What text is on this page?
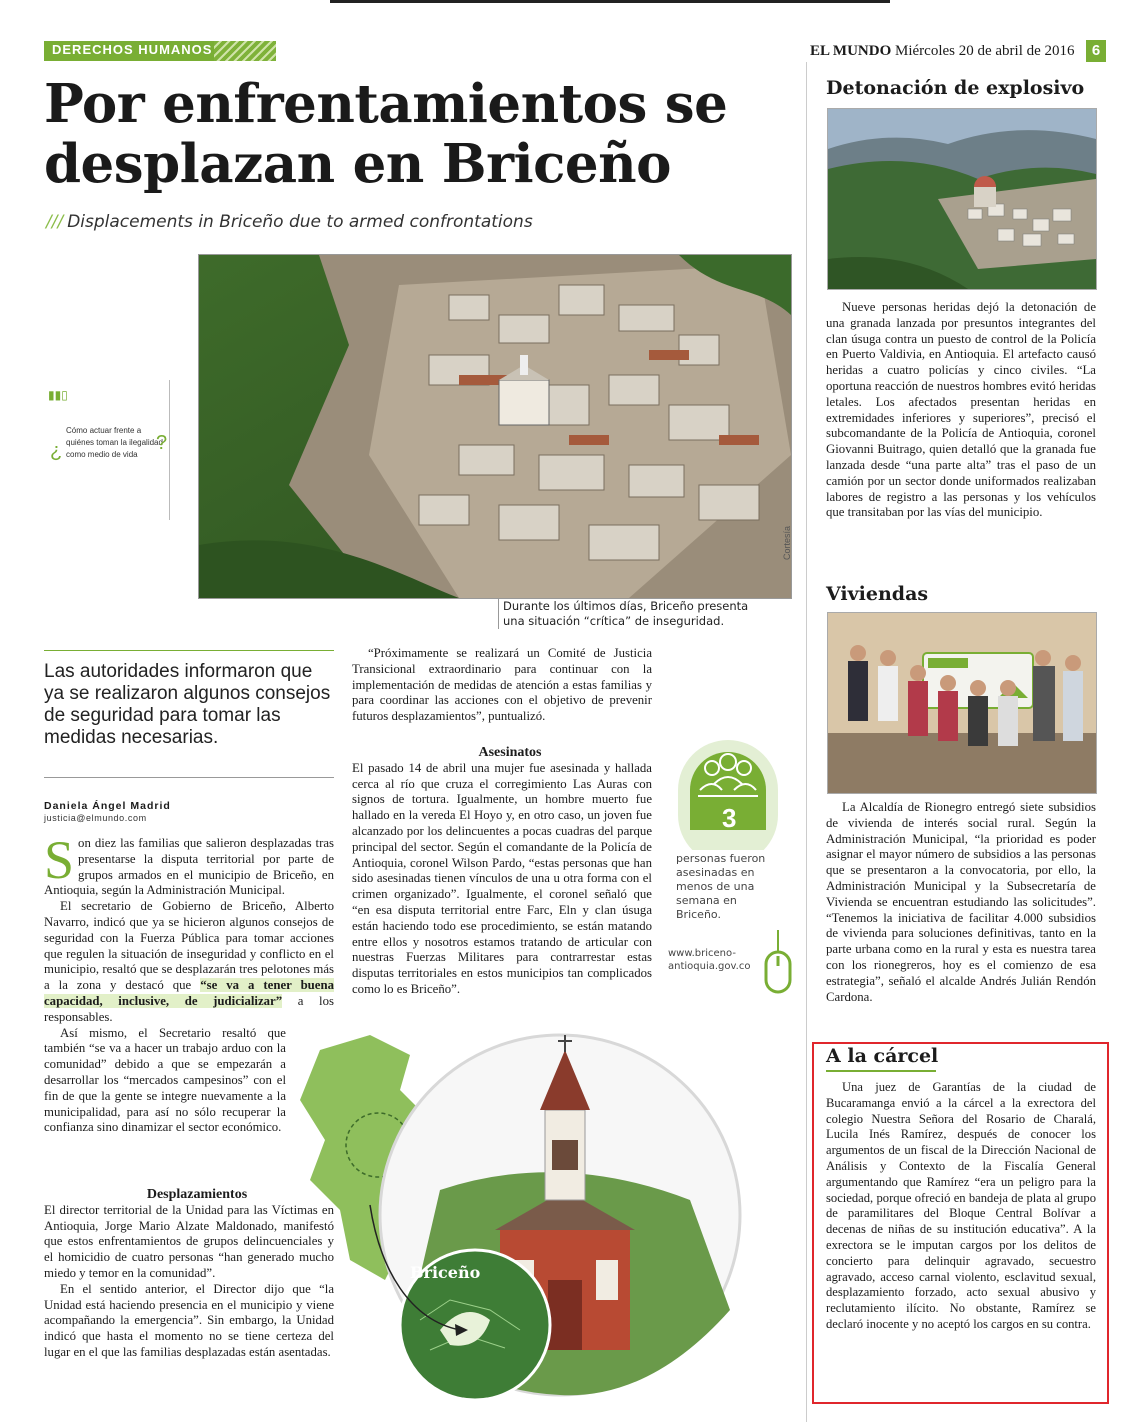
DERECHOS HUMANOS	EL MUNDO Miércoles 20 de abril de 2016	6
Por enfrentamientos se desplazan en Briceño
/// Displacements in Briceño due to armed confrontations
▮▮▯
¿
Cómo actuar frente a quiénes toman la ilegalidad como medio de vida
?
Cortesía
Durante los últimos días, Briceño presenta una situación “crítica” de inseguridad.
Las autoridades informaron que ya se realizaron algunos consejos de seguridad para tomar las medidas necesarias.
Daniela Ángel Madrid
justicia@elmundo.com

Son diez las familias que salieron desplazadas tras presentarse la disputa territorial por parte de grupos armados en el municipio de Briceño, en Antioquia, según la Administración Municipal.

El secretario de Gobierno de Briceño, Alberto Navarro, indicó que ya se hicieron algunos consejos de seguridad con la Fuerza Pública para tomar acciones que regulen la situación de inseguridad y conflicto en el municipio, resaltó que se desplazarán tres pelotones más a la zona y destacó que “se va a tener buena capacidad, inclusive, de judicializar” a los responsables.

Así mismo, el Secretario resaltó que también “se va a hacer un trabajo arduo con la comunidad” debido a que se empezarán a desarrollar los “mercados campesinos” con el fin de que la gente se integre nuevamente a la municipalidad, para así no sólo recuperar la confianza sino dinamizar el sector económico.

Desplazamientos

El director territorial de la Unidad para las Víctimas en Antioquia, Jorge Mario Alzate Maldonado, manifestó que estos enfrentamientos de grupos delincuenciales y el homicidio de cuatro personas “han generado mucho miedo y temor en la comunidad”.

En el sentido anterior, el Director dijo que “la Unidad está haciendo presencia en el municipio y viene acompañando la emergencia”. Sin embargo, la Unidad indicó que hasta el momento no se tiene certeza del lugar en el que las familias desplazadas están asentadas.

“Próximamente se realizará un Comité de Justicia Transicional extraordinario para continuar con la implementación de medidas de atención a estas familias y para coordinar las acciones con el objetivo de prevenir futuros desplazamientos”, puntualizó.

Asesinatos

El pasado 14 de abril una mujer fue asesinada y hallada cerca al río que cruza el corregimiento Las Auras con signos de tortura. Igualmente, un hombre muerto fue hallado en la vereda El Hoyo y, en otro caso, un joven fue alcanzado por los delincuentes a pocas cuadras del parque principal del sector. Según el comandante de la Policía de Antioquia, coronel Wilson Pardo, “estas personas que han sido asesinadas tienen vínculos de una u otra forma con el crimen organizado”. Igualmente, el coronel señaló que “en esa disputa territorial entre Farc, Eln y clan úsuga están haciendo todo ese procedimiento, se están matando entre ellos y nosotros estamos tratando de articular con nuestras Fuerzas Militares para contrarrestar estas disputas territoriales en estos municipios tan complicados como lo es Briceño”.

3
personas fueron asesinadas en menos de una semana en Briceño.
www.briceno-antioquia.gov.co
Briceño
Detonación de explosivo

Nueve personas heridas dejó la detonación de una granada lanzada por presuntos integrantes del clan úsuga contra un puesto de control de la Policía en Puerto Valdivia, en Antioquia. El artefacto causó heridas a cuatro policías y cinco civiles. “La oportuna reacción de nuestros hombres evitó heridas letales. Los afectados presentan heridas en extremidades inferiores y superiores”, precisó el subcomandante de la Policía de Antioquia, coronel Giovanni Buitrago, quien detalló que la granada fue lanzada desde “una parte alta” tras el paso de un camión por un sector donde uniformados realizaban labores de registro a las personas y los vehículos que transitaban por las vías del municipio.

Viviendas

La Alcaldía de Rionegro entregó siete subsidios de vivienda de interés social rural. Según la Administración Municipal, “la prioridad es poder asignar el mayor número de subsidios a las personas que se presentaron a la convocatoria, por ello, la Administración Municipal y la Subsecretaría de Vivienda se encuentran estudiando las solicitudes”. “Tenemos la iniciativa de facilitar 4.000 subsidios de vivienda para soluciones definitivas, tanto en la parte urbana como en la rural y esta es nuestra tarea con los rionegreros, hoy es el comienzo de esa estrategia”, señaló el alcalde Andrés Julián Rendón Cardona.

A la cárcel

Una juez de Garantías de la ciudad de Bucaramanga envió a la cárcel a la exrectora del colegio Nuestra Señora del Rosario de Charalá, Lucila Inés Ramírez, después de conocer los argumentos de un fiscal de la Dirección Nacional de Análisis y Contexto de la Fiscalía General argumentando que Ramírez “era un peligro para la sociedad, porque ofreció en bandeja de plata al grupo de paramilitares del Bloque Central Bolívar a decenas de niñas de su institución educativa”. A la exrectora se le imputan cargos por los delitos de concierto para delinquir agravado, secuestro agravado, acceso carnal violento, esclavitud sexual, desplazamiento forzado, acto sexual abusivo y reclutamiento ilícito. No obstante, Ramírez se declaró inocente y no aceptó los cargos en su contra.
